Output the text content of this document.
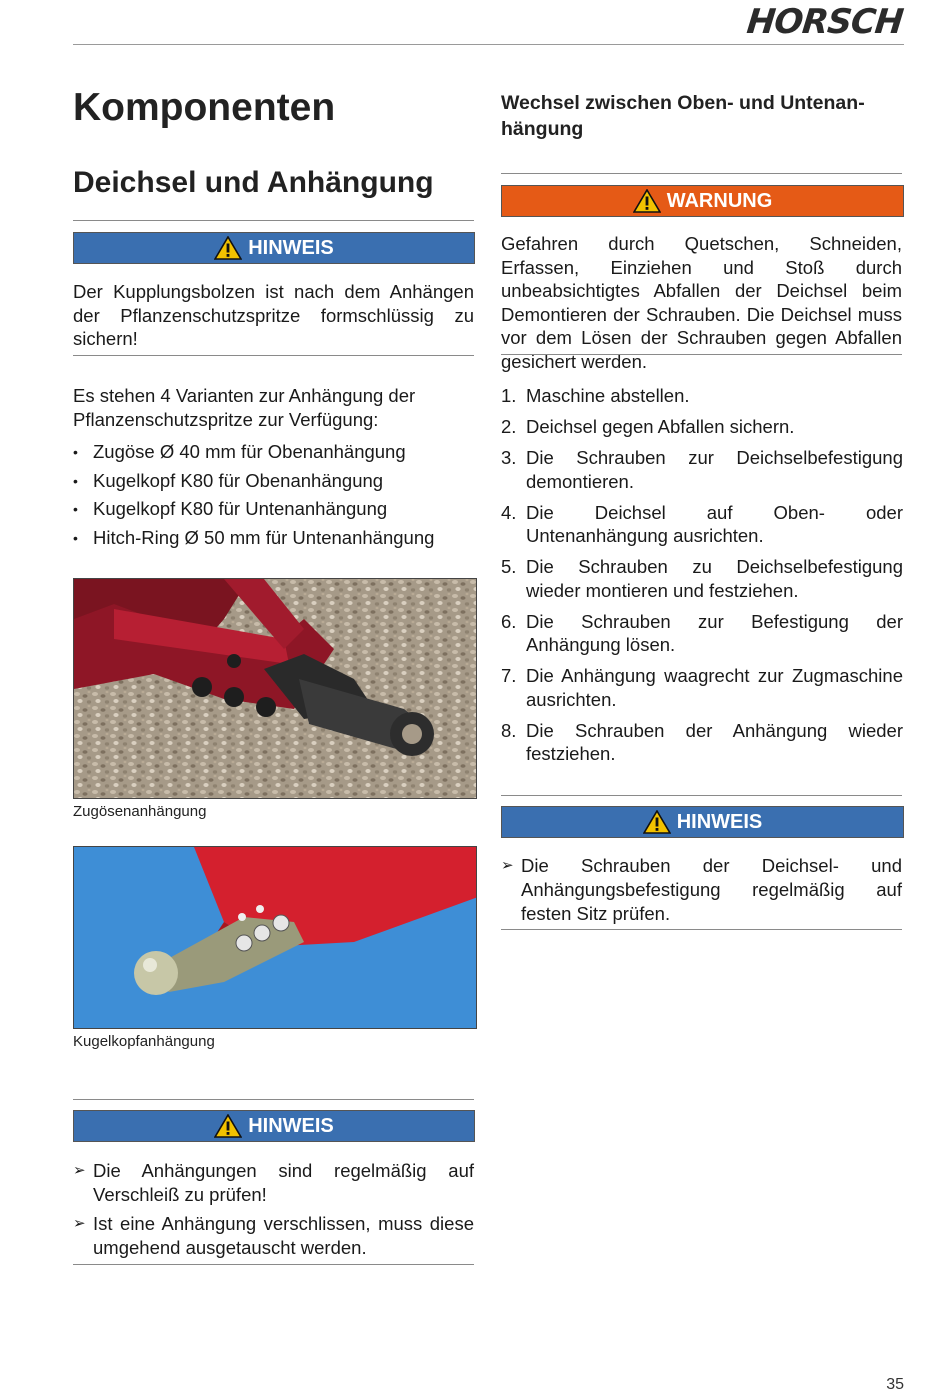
HORSCH
Komponenten
Deichsel und Anhängung
HINWEIS
Der Kupplungsbolzen ist nach dem Anhängen der Pflanzenschutzspritze formschlüssig zu sichern!
Es stehen 4 Varianten zur Anhängung der Pflanzenschutzspritze zur Verfügung:
• Zugöse Ø 40 mm für Obenanhängung
• Kugelkopf K80 für Obenanhängung
• Kugelkopf K80 für Untenanhängung
• Hitch-Ring Ø 50 mm für Untenanhängung
Zugösenanhängung
Kugelkopfanhängung
HINWEIS
➢ Die Anhängungen sind regelmäßig auf Verschleiß zu prüfen!
➢ Ist eine Anhängung verschlissen, muss diese umgehend ausgetauscht werden.
Wechsel zwischen Oben- und Untenan-
hängung
WARNUNG
Gefahren durch Quetschen, Schneiden, Erfassen, Einziehen und Stoß durch unbeabsichtigtes Abfallen der Deichsel beim Demontieren der Schrauben. Die Deichsel muss vor dem Lösen der Schrauben gegen Abfallen gesichert werden.
1. Maschine abstellen.
2. Deichsel gegen Abfallen sichern.
3. Die Schrauben zur Deichselbefestigung demontieren.
4. Die Deichsel auf Oben- oder Untenanhängung ausrichten.
5. Die Schrauben zu Deichselbefestigung wieder montieren und festziehen.
6. Die Schrauben zur Befestigung der Anhängung lösen.
7. Die Anhängung waagrecht zur Zugmaschine ausrichten.
8. Die Schrauben der Anhängung wieder festziehen.
HINWEIS
➢ Die Schrauben der Deichsel- und Anhängungsbefestigung regelmäßig auf festen Sitz prüfen.
35
